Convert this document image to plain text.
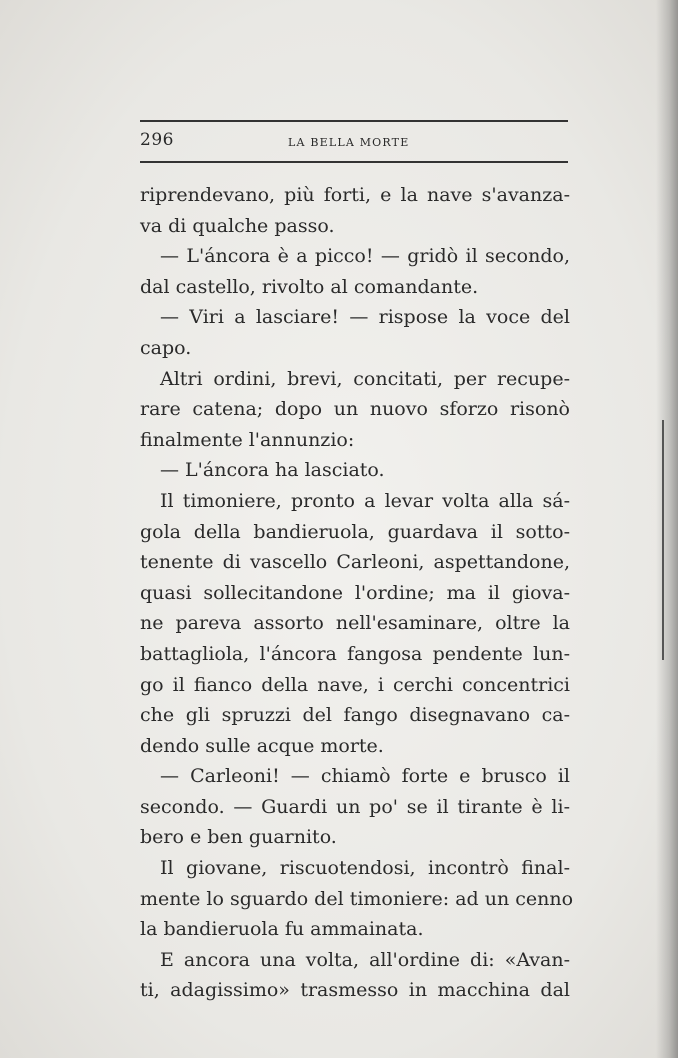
296	LA BELLA MORTE
riprendevano, più forti, e la nave s'avanza-
va di qualche passo.
— L'áncora è a picco! — gridò il secondo,
dal castello, rivolto al comandante.
— Viri a lasciare! — rispose la voce del
capo.
Altri ordini, brevi, concitati, per recupe-
rare catena; dopo un nuovo sforzo risonò
finalmente l'annunzio:
— L'áncora ha lasciato.
Il timoniere, pronto a levar volta alla sá-
gola della bandieruola, guardava il sotto-
tenente di vascello Carleoni, aspettandone,
quasi sollecitandone l'ordine; ma il giova-
ne pareva assorto nell'esaminare, oltre la
battagliola, l'áncora fangosa pendente lun-
go il fianco della nave, i cerchi concentrici
che gli spruzzi del fango disegnavano ca-
dendo sulle acque morte.
— Carleoni! — chiamò forte e brusco il
secondo. — Guardi un po' se il tirante è li-
bero e ben guarnito.
Il giovane, riscuotendosi, incontrò final-
mente lo sguardo del timoniere: ad un cenno
la bandieruola fu ammainata.
E ancora una volta, all'ordine di: «Avan-
ti, adagissimo» trasmesso in macchina dal
